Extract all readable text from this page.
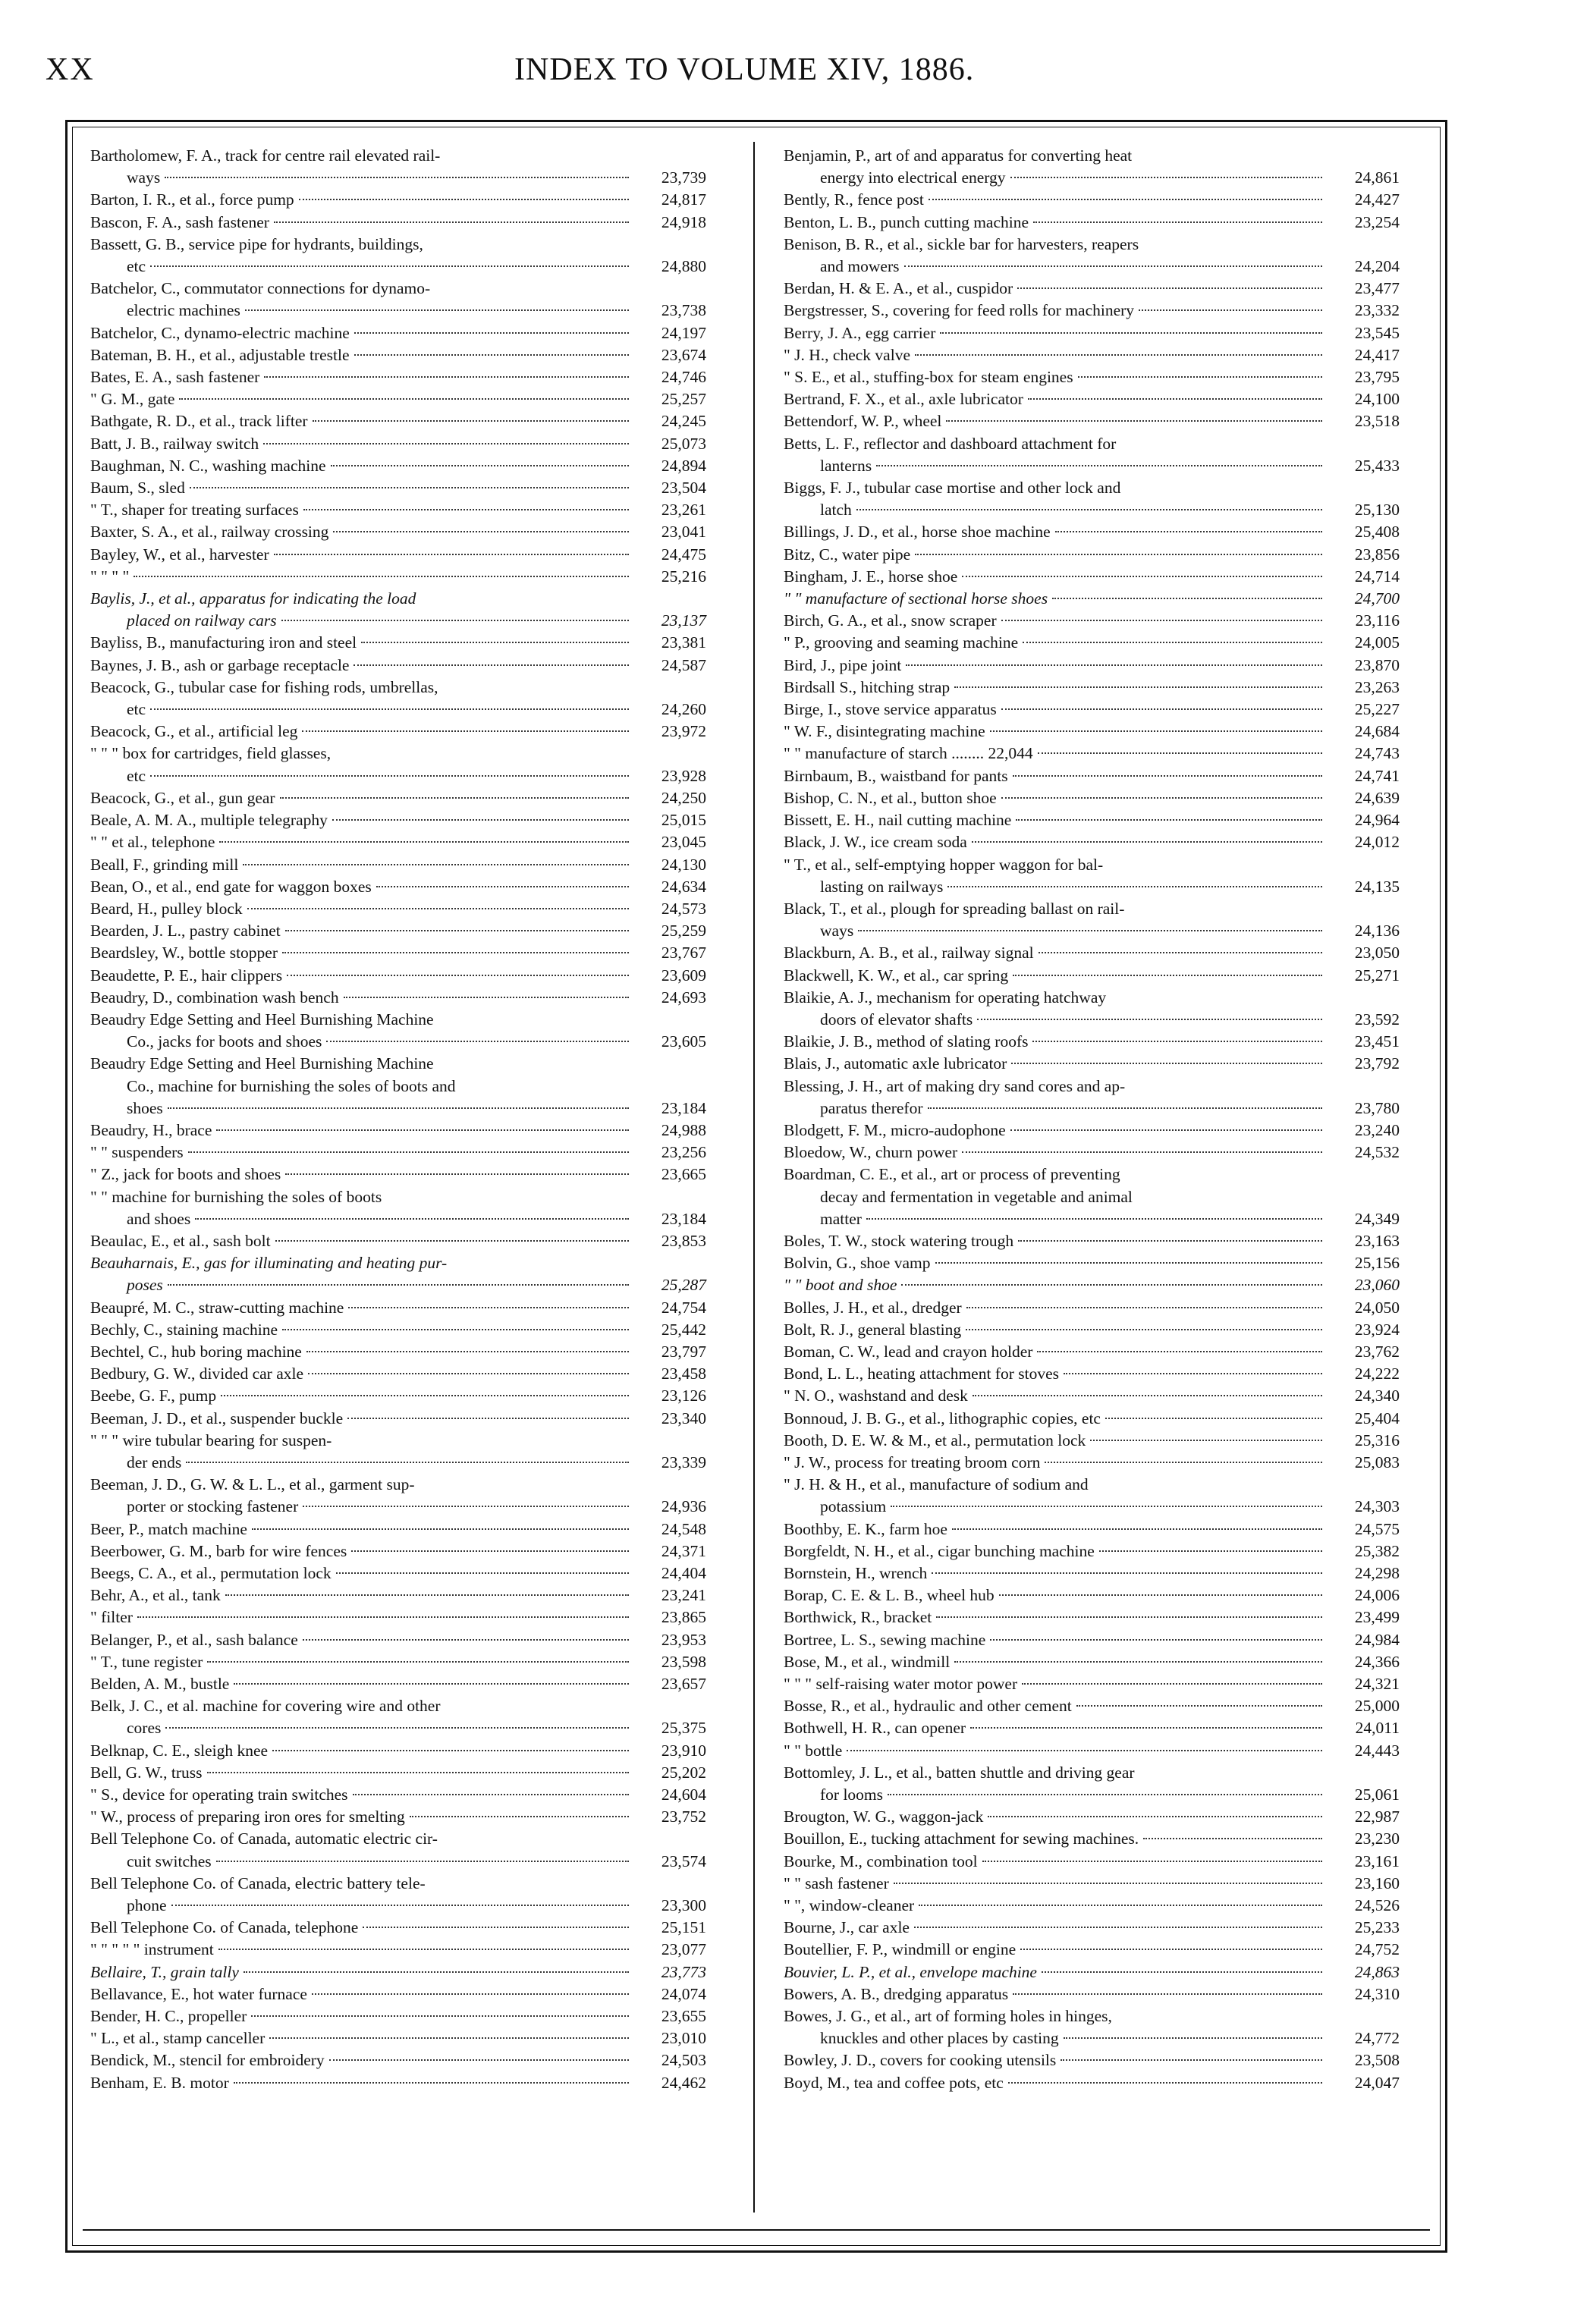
XX	INDEX TO VOLUME XIV, 1886.
Bartholomew, F. A., track for centre rail elevated rail-
ways	23,739
Barton, I. R., et al., force pump	24,817
Bascon, F. A., sash fastener	24,918
Bassett, G. B., service pipe for hydrants, buildings,
etc	24,880
Batchelor, C., commutator connections for dynamo-
electric machines	23,738
Batchelor, C., dynamo-electric machine	24,197
Bateman, B. H., et al., adjustable trestle	23,674
Bates, E. A., sash fastener	24,746
" G. M., gate	25,257
Bathgate, R. D., et al., track lifter	24,245
Batt, J. B., railway switch	25,073
Baughman, N. C., washing machine	24,894
Baum, S., sled	23,504
" T., shaper for treating surfaces	23,261
Baxter, S. A., et al., railway crossing	23,041
Bayley, W., et al., harvester	24,475
" " " "	25,216
Baylis, J., et al., apparatus for indicating the load
placed on railway cars	23,137
Bayliss, B., manufacturing iron and steel	23,381
Baynes, J. B., ash or garbage receptacle	24,587
Beacock, G., tubular case for fishing rods, umbrellas,
etc	24,260
Beacock, G., et al., artificial leg	23,972
" " " box for cartridges, field glasses,
etc	23,928
Beacock, G., et al., gun gear	24,250
Beale, A. M. A., multiple telegraphy	25,015
" " et al., telephone	23,045
Beall, F., grinding mill	24,130
Bean, O., et al., end gate for waggon boxes	24,634
Beard, H., pulley block	24,573
Bearden, J. L., pastry cabinet	25,259
Beardsley, W., bottle stopper	23,767
Beaudette, P. E., hair clippers	23,609
Beaudry, D., combination wash bench	24,693
Beaudry Edge Setting and Heel Burnishing Machine
Co., jacks for boots and shoes	23,605
Beaudry Edge Setting and Heel Burnishing Machine
Co., machine for burnishing the soles of boots and
shoes	23,184
Beaudry, H., brace	24,988
" " suspenders	23,256
" Z., jack for boots and shoes	23,665
" " machine for burnishing the soles of boots
and shoes	23,184
Beaulac, E., et al., sash bolt	23,853
Beauharnais, E., gas for illuminating and heating pur-
poses	25,287
Beaupré, M. C., straw-cutting machine	24,754
Bechly, C., staining machine	25,442
Bechtel, C., hub boring machine	23,797
Bedbury, G. W., divided car axle	23,458
Beebe, G. F., pump	23,126
Beeman, J. D., et al., suspender buckle	23,340
" " " wire tubular bearing for suspen-
der ends	23,339
Beeman, J. D., G. W. & L. L., et al., garment sup-
porter or stocking fastener	24,936
Beer, P., match machine	24,548
Beerbower, G. M., barb for wire fences	24,371
Beegs, C. A., et al., permutation lock	24,404
Behr, A., et al., tank	23,241
" filter	23,865
Belanger, P., et al., sash balance	23,953
" T., tune register	23,598
Belden, A. M., bustle	23,657
Belk, J. C., et al. machine for covering wire and other
cores	25,375
Belknap, C. E., sleigh knee	23,910
Bell, G. W., truss	25,202
" S., device for operating train switches	24,604
" W., process of preparing iron ores for smelting	23,752
Bell Telephone Co. of Canada, automatic electric cir-
cuit switches	23,574
Bell Telephone Co. of Canada, electric battery tele-
phone	23,300
Bell Telephone Co. of Canada, telephone	25,151
" " " " " instrument	23,077
Bellaire, T., grain tally	23,773
Bellavance, E., hot water furnace	24,074
Bender, H. C., propeller	23,655
" L., et al., stamp canceller	23,010
Bendick, M., stencil for embroidery	24,503
Benham, E. B. motor	24,462
Benjamin, P., art of and apparatus for converting heat
energy into electrical energy	24,861
Bently, R., fence post	24,427
Benton, L. B., punch cutting machine	23,254
Benison, B. R., et al., sickle bar for harvesters, reapers
and mowers	24,204
Berdan, H. & E. A., et al., cuspidor	23,477
Bergstresser, S., covering for feed rolls for machinery	23,332
Berry, J. A., egg carrier	23,545
" J. H., check valve	24,417
" S. E., et al., stuffing-box for steam engines	23,795
Bertrand, F. X., et al., axle lubricator	24,100
Bettendorf, W. P., wheel	23,518
Betts, L. F., reflector and dashboard attachment for
lanterns	25,433
Biggs, F. J., tubular case mortise and other lock and
latch	25,130
Billings, J. D., et al., horse shoe machine	25,408
Bitz, C., water pipe	23,856
Bingham, J. E., horse shoe	24,714
" " manufacture of sectional horse shoes	24,700
Birch, G. A., et al., snow scraper	23,116
" P., grooving and seaming machine	24,005
Bird, J., pipe joint	23,870
Birdsall S., hitching strap	23,263
Birge, I., stove service apparatus	25,227
" W. F., disintegrating machine	24,684
" " manufacture of starch ........ 22,044	24,743
Birnbaum, B., waistband for pants	24,741
Bishop, C. N., et al., button shoe	24,639
Bissett, E. H., nail cutting machine	24,964
Black, J. W., ice cream soda	24,012
" T., et al., self-emptying hopper waggon for bal-
lasting on railways	24,135
Black, T., et al., plough for spreading ballast on rail-
ways	24,136
Blackburn, A. B., et al., railway signal	23,050
Blackwell, K. W., et al., car spring	25,271
Blaikie, A. J., mechanism for operating hatchway
doors of elevator shafts	23,592
Blaikie, J. B., method of slating roofs	23,451
Blais, J., automatic axle lubricator	23,792
Blessing, J. H., art of making dry sand cores and ap-
paratus therefor	23,780
Blodgett, F. M., micro-audophone	23,240
Bloedow, W., churn power	24,532
Boardman, C. E., et al., art or process of preventing
decay and fermentation in vegetable and animal
matter	24,349
Boles, T. W., stock watering trough	23,163
Bolvin, G., shoe vamp	25,156
" " boot and shoe	23,060
Bolles, J. H., et al., dredger	24,050
Bolt, R. J., general blasting	23,924
Boman, C. W., lead and crayon holder	23,762
Bond, L. L., heating attachment for stoves	24,222
" N. O., washstand and desk	24,340
Bonnoud, J. B. G., et al., lithographic copies, etc	25,404
Booth, D. E. W. & M., et al., permutation lock	25,316
" J. W., process for treating broom corn	25,083
" J. H. & H., et al., manufacture of sodium and
potassium	24,303
Boothby, E. K., farm hoe	24,575
Borgfeldt, N. H., et al., cigar bunching machine	25,382
Bornstein, H., wrench	24,298
Borap, C. E. & L. B., wheel hub	24,006
Borthwick, R., bracket	23,499
Bortree, L. S., sewing machine	24,984
Bose, M., et al., windmill	24,366
" " " self-raising water motor power	24,321
Bosse, R., et al., hydraulic and other cement	25,000
Bothwell, H. R., can opener	24,011
" " bottle	24,443
Bottomley, J. L., et al., batten shuttle and driving gear
for looms	25,061
Brougton, W. G., waggon-jack	22,987
Bouillon, E., tucking attachment for sewing machines.	23,230
Bourke, M., combination tool	23,161
" " sash fastener	23,160
" ", window-cleaner	24,526
Bourne, J., car axle	25,233
Boutellier, F. P., windmill or engine	24,752
Bouvier, L. P., et al., envelope machine	24,863
Bowers, A. B., dredging apparatus	24,310
Bowes, J. G., et al., art of forming holes in hinges,
knuckles and other places by casting	24,772
Bowley, J. D., covers for cooking utensils	23,508
Boyd, M., tea and coffee pots, etc	24,047
